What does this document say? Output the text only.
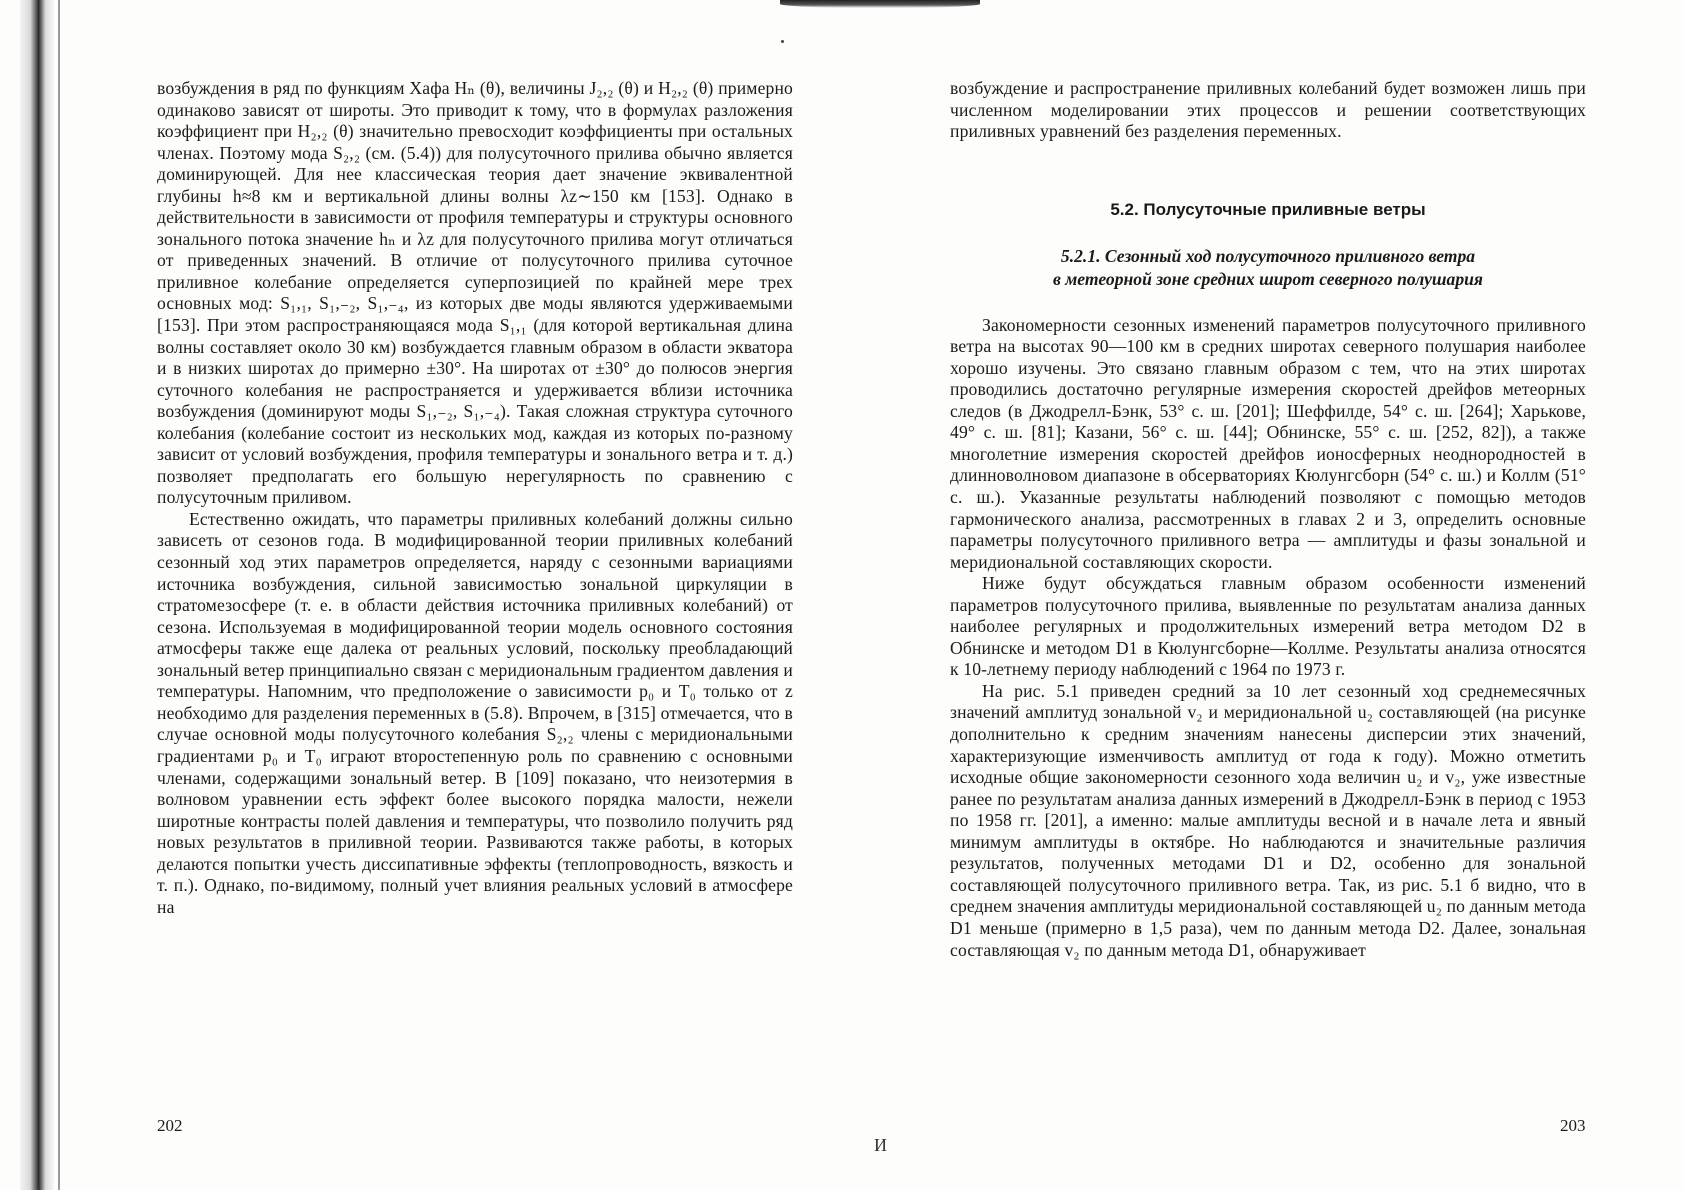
возбуждения в ряд по функциям Хафа Hₙ (θ), величины J₂,₂ (θ) и H₂,₂ (θ) примерно одинаково зависят от широты. Это приводит к тому, что в формулах разложения коэффициент при H₂,₂ (θ) значительно превосходит коэффициенты при остальных членах. Поэтому мода S₂,₂ (см. (5.4)) для полусуточного прилива обычно является доминирующей. Для нее классическая теория дает значение эквивалентной глубины h≈8 км и вертикальной длины волны λz∼150 км [153]. Однако в действительности в зависимости от профиля температуры и структуры основного зонального потока значение hₙ и λz для полусуточного прилива могут отличаться от приведенных значений. В отличие от полусуточного прилива суточное приливное колебание определяется суперпозицией по крайней мере трех основных мод: S₁,₁, S₁,₋₂, S₁,₋₄, из которых две моды являются удерживаемыми [153]. При этом распространяющаяся мода S₁,₁ (для которой вертикальная длина волны составляет около 30 км) возбуждается главным образом в области экватора и в низких широтах до примерно ±30°. На широтах от ±30° до полюсов энергия суточного колебания не распространяется и удерживается вблизи источника возбуждения (доминируют моды S₁,₋₂, S₁,₋₄). Такая сложная структура суточного колебания (колебание состоит из нескольких мод, каждая из которых по-разному зависит от условий возбуждения, профиля температуры и зонального ветра и т. д.) позволяет предполагать его большую нерегулярность по сравнению с полусуточным приливом.

Естественно ожидать, что параметры приливных колебаний должны сильно зависеть от сезонов года. В модифицированной теории приливных колебаний сезонный ход этих параметров определяется, наряду с сезонными вариациями источника возбуждения, сильной зависимостью зональной циркуляции в стратомезосфере (т. е. в области действия источника приливных колебаний) от сезона. Используемая в модифицированной теории модель основного состояния атмосферы также еще далека от реальных условий, поскольку преобладающий зональный ветер принципиально связан с меридиональным градиентом давления и температуры. Напомним, что предположение о зависимости p₀ и T₀ только от z необходимо для разделения переменных в (5.8). Впрочем, в [315] отмечается, что в случае основной моды полусуточного колебания S₂,₂ члены с меридиональными градиентами p₀ и T₀ играют второстепенную роль по сравнению с основными членами, содержащими зональный ветер. В [109] показано, что неизотермия в волновом уравнении есть эффект более высокого порядка малости, нежели широтные контрасты полей давления и температуры, что позволило получить ряд новых результатов в приливной теории. Развиваются также работы, в которых делаются попытки учесть диссипативные эффекты (теплопроводность, вязкость и т. п.). Однако, по-видимому, полный учет влияния реальных условий в атмосфере на

возбуждение и распространение приливных колебаний будет возможен лишь при численном моделировании этих процессов и решении соответствующих приливных уравнений без разделения переменных.

5.2. Полусуточные приливные ветры
5.2.1. Сезонный ход полусуточного приливного ветра
в метеорной зоне средних широт северного полушария

Закономерности сезонных изменений параметров полусуточного приливного ветра на высотах 90—100 км в средних широтах северного полушария наиболее хорошо изучены. Это связано главным образом с тем, что на этих широтах проводились достаточно регулярные измерения скоростей дрейфов метеорных следов (в Джодрелл-Бэнк, 53° с. ш. [201]; Шеффилде, 54° с. ш. [264]; Харькове, 49° с. ш. [81]; Казани, 56° с. ш. [44]; Обнинске, 55° с. ш. [252, 82]), а также многолетние измерения скоростей дрейфов ионосферных неоднородностей в длинноволновом диапазоне в обсерваториях Кюлунгсборн (54° с. ш.) и Коллм (51° с. ш.). Указанные результаты наблюдений позволяют с помощью методов гармонического анализа, рассмотренных в главах 2 и 3, определить основные параметры полусуточного приливного ветра — амплитуды и фазы зональной и меридиональной составляющих скорости.

Ниже будут обсуждаться главным образом особенности изменений параметров полусуточного прилива, выявленные по результатам анализа данных наиболее регулярных и продолжительных измерений ветра методом D2 в Обнинске и методом D1 в Кюлунгсборне—Коллме. Результаты анализа относятся к 10-летнему периоду наблюдений с 1964 по 1973 г.

На рис. 5.1 приведен средний за 10 лет сезонный ход среднемесячных значений амплитуд зональной v₂ и меридиональной u₂ составляющей (на рисунке дополнительно к средним значениям нанесены дисперсии этих значений, характеризующие изменчивость амплитуд от года к году). Можно отметить исходные общие закономерности сезонного хода величин u₂ и v₂, уже известные ранее по результатам анализа данных измерений в Джодрелл-Бэнк в период с 1953 по 1958 гг. [201], а именно: малые амплитуды весной и в начале лета и явный минимум амплитуды в октябре. Но наблюдаются и значительные различия результатов, полученных методами D1 и D2, особенно для зональной составляющей полусуточного приливного ветра. Так, из рис. 5.1 б видно, что в среднем значения амплитуды меридиональной составляющей u₂ по данным метода D1 меньше (примерно в 1,5 раза), чем по данным метода D2. Далее, зональная составляющая v₂ по данным метода D1, обнаруживает

202	203
И
